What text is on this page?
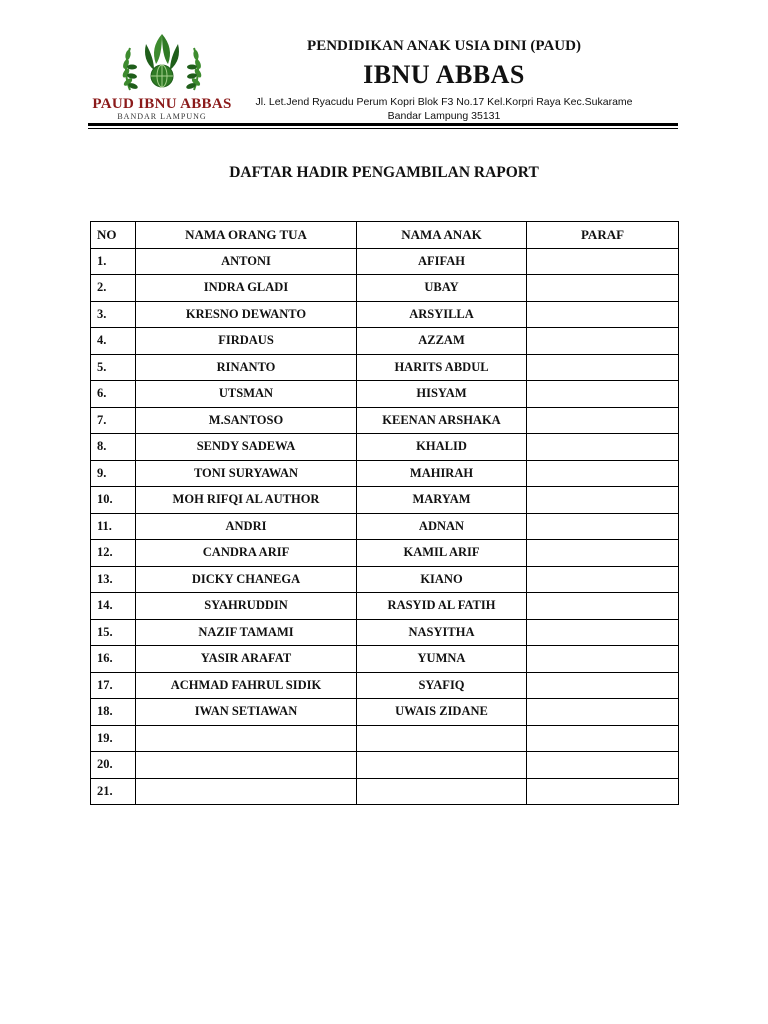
PAUD IBNU ABBAS
BANDAR LAMPUNG
PENDIDIKAN ANAK USIA DINI (PAUD)
IBNU ABBAS
Jl. Let.Jend Ryacudu Perum Kopri Blok F3 No.17 Kel.Korpri Raya Kec.Sukarame
Bandar Lampung 35131
DAFTAR HADIR PENGAMBILAN RAPORT
NO	NAMA ORANG TUA	NAMA ANAK	PARAF
1.	ANTONI	AFIFAH	
2.	INDRA GLADI	UBAY	
3.	KRESNO DEWANTO	ARSYILLA	
4.	FIRDAUS	AZZAM	
5.	RINANTO	HARITS ABDUL	
6.	UTSMAN	HISYAM	
7.	M.SANTOSO	KEENAN ARSHAKA	
8.	SENDY SADEWA	KHALID	
9.	TONI SURYAWAN	MAHIRAH	
10.	MOH RIFQI AL AUTHOR	MARYAM	
11.	ANDRI	ADNAN	
12.	CANDRA ARIF	KAMIL ARIF	
13.	DICKY CHANEGA	KIANO	
14.	SYAHRUDDIN	RASYID AL FATIH	
15.	NAZIF TAMAMI	NASYITHA	
16.	YASIR ARAFAT	YUMNA	
17.	ACHMAD FAHRUL SIDIK	SYAFIQ	
18.	IWAN SETIAWAN	UWAIS ZIDANE	
19.			
20.			
21.			
